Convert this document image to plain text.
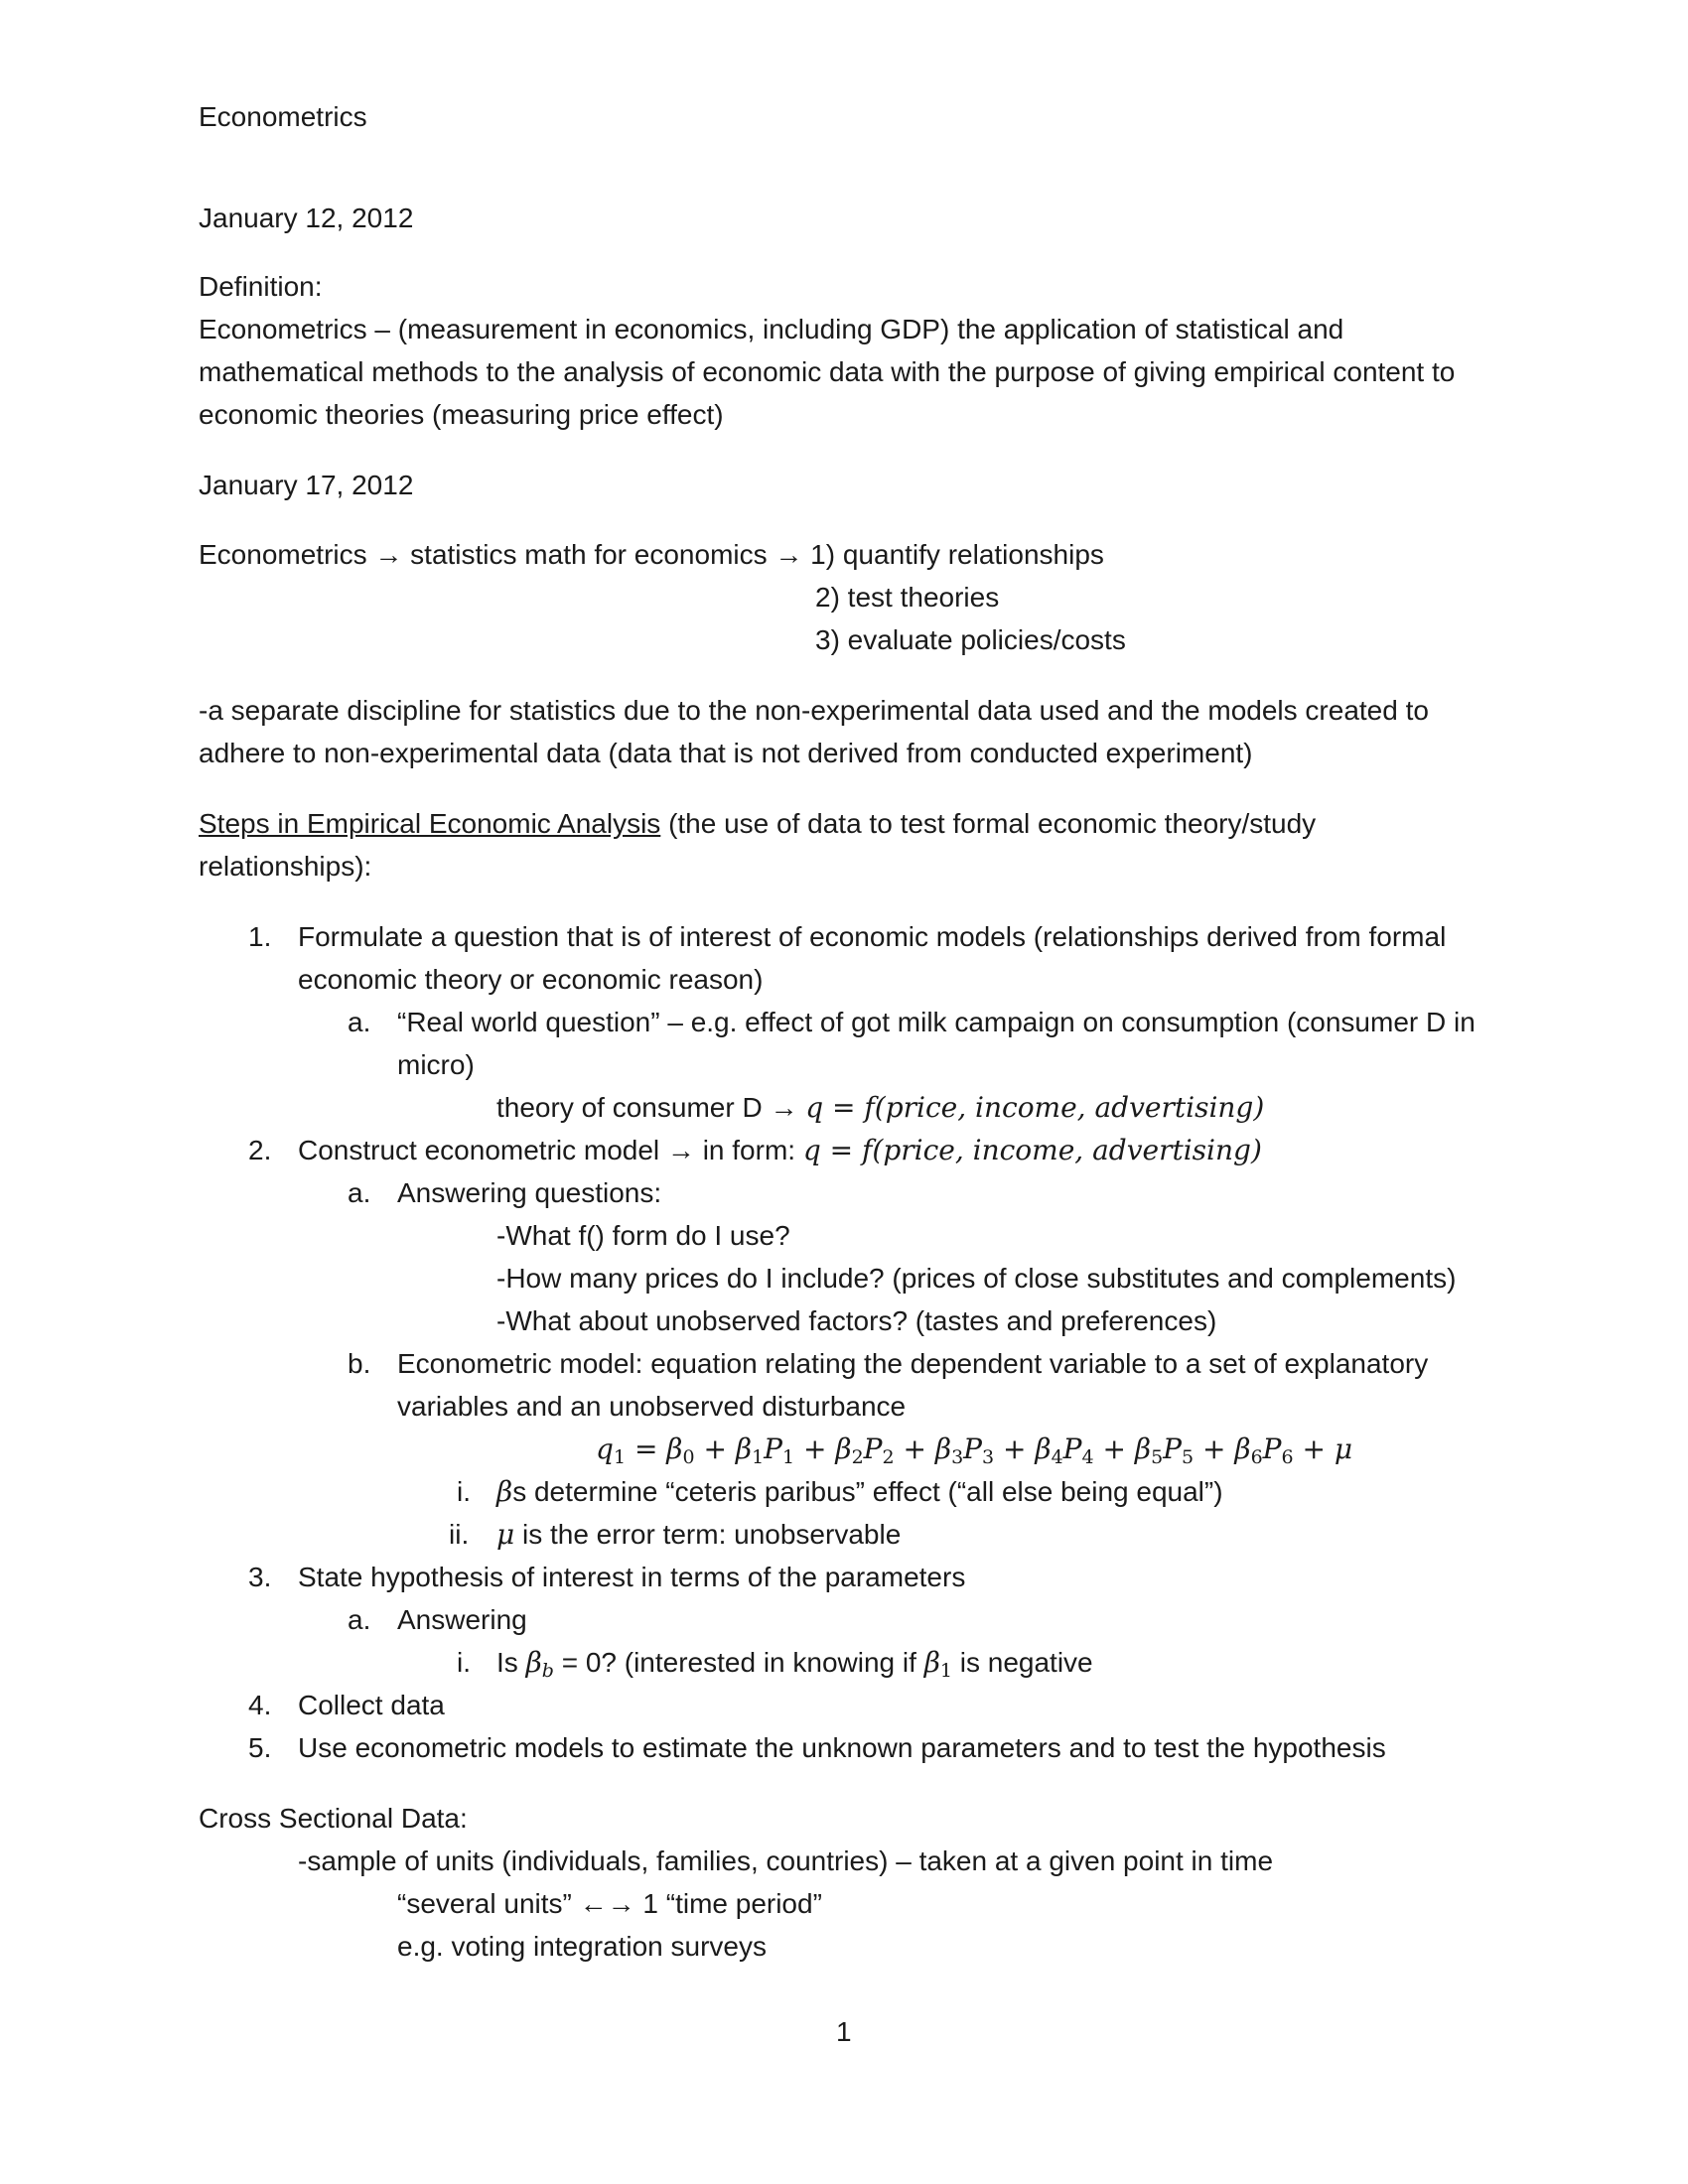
Econometrics
January 12, 2012
Definition:
Econometrics – (measurement in economics, including GDP) the application of statistical and
mathematical methods to the analysis of economic data with the purpose of giving empirical content to
economic theories (measuring price effect)
January 17, 2012
Econometrics → statistics math for economics → 1) quantify relationships
2) test theories
3) evaluate policies/costs
-a separate discipline for statistics due to the non-experimental data used and the models created to
adhere to non-experimental data (data that is not derived from conducted experiment)
Steps in Empirical Economic Analysis (the use of data to test formal economic theory/study
relationships):
1. Formulate a question that is of interest of economic models (relationships derived from formal
economic theory or economic reason)
a. “Real world question” – e.g. effect of got milk campaign on consumption (consumer D in
micro)
theory of consumer D → q = f(price, income, advertising)
2. Construct econometric model → in form: q = f(price, income, advertising)
a. Answering questions:
-What f() form do I use?
-How many prices do I include? (prices of close substitutes and complements)
-What about unobserved factors? (tastes and preferences)
b. Econometric model: equation relating the dependent variable to a set of explanatory
variables and an unobserved disturbance
$q_1 = \beta_0 + \beta_1P_1 + \beta_2P_2 + \beta_3P_3 + \beta_4P_4 + \beta_5P_5 + \beta_6P_6 + \mu$
i. βs determine “ceteris paribus” effect (“all else being equal”)
ii. μ is the error term: unobservable
3. State hypothesis of interest in terms of the parameters
a. Answering
i. Is $\beta_b = 0$? (interested in knowing if $\beta_1$ is negative
4. Collect data
5. Use econometric models to estimate the unknown parameters and to test the hypothesis
Cross Sectional Data:
-sample of units (individuals, families, countries) – taken at a given point in time
“several units” ←→ 1 “time period”
e.g. voting integration surveys
1
